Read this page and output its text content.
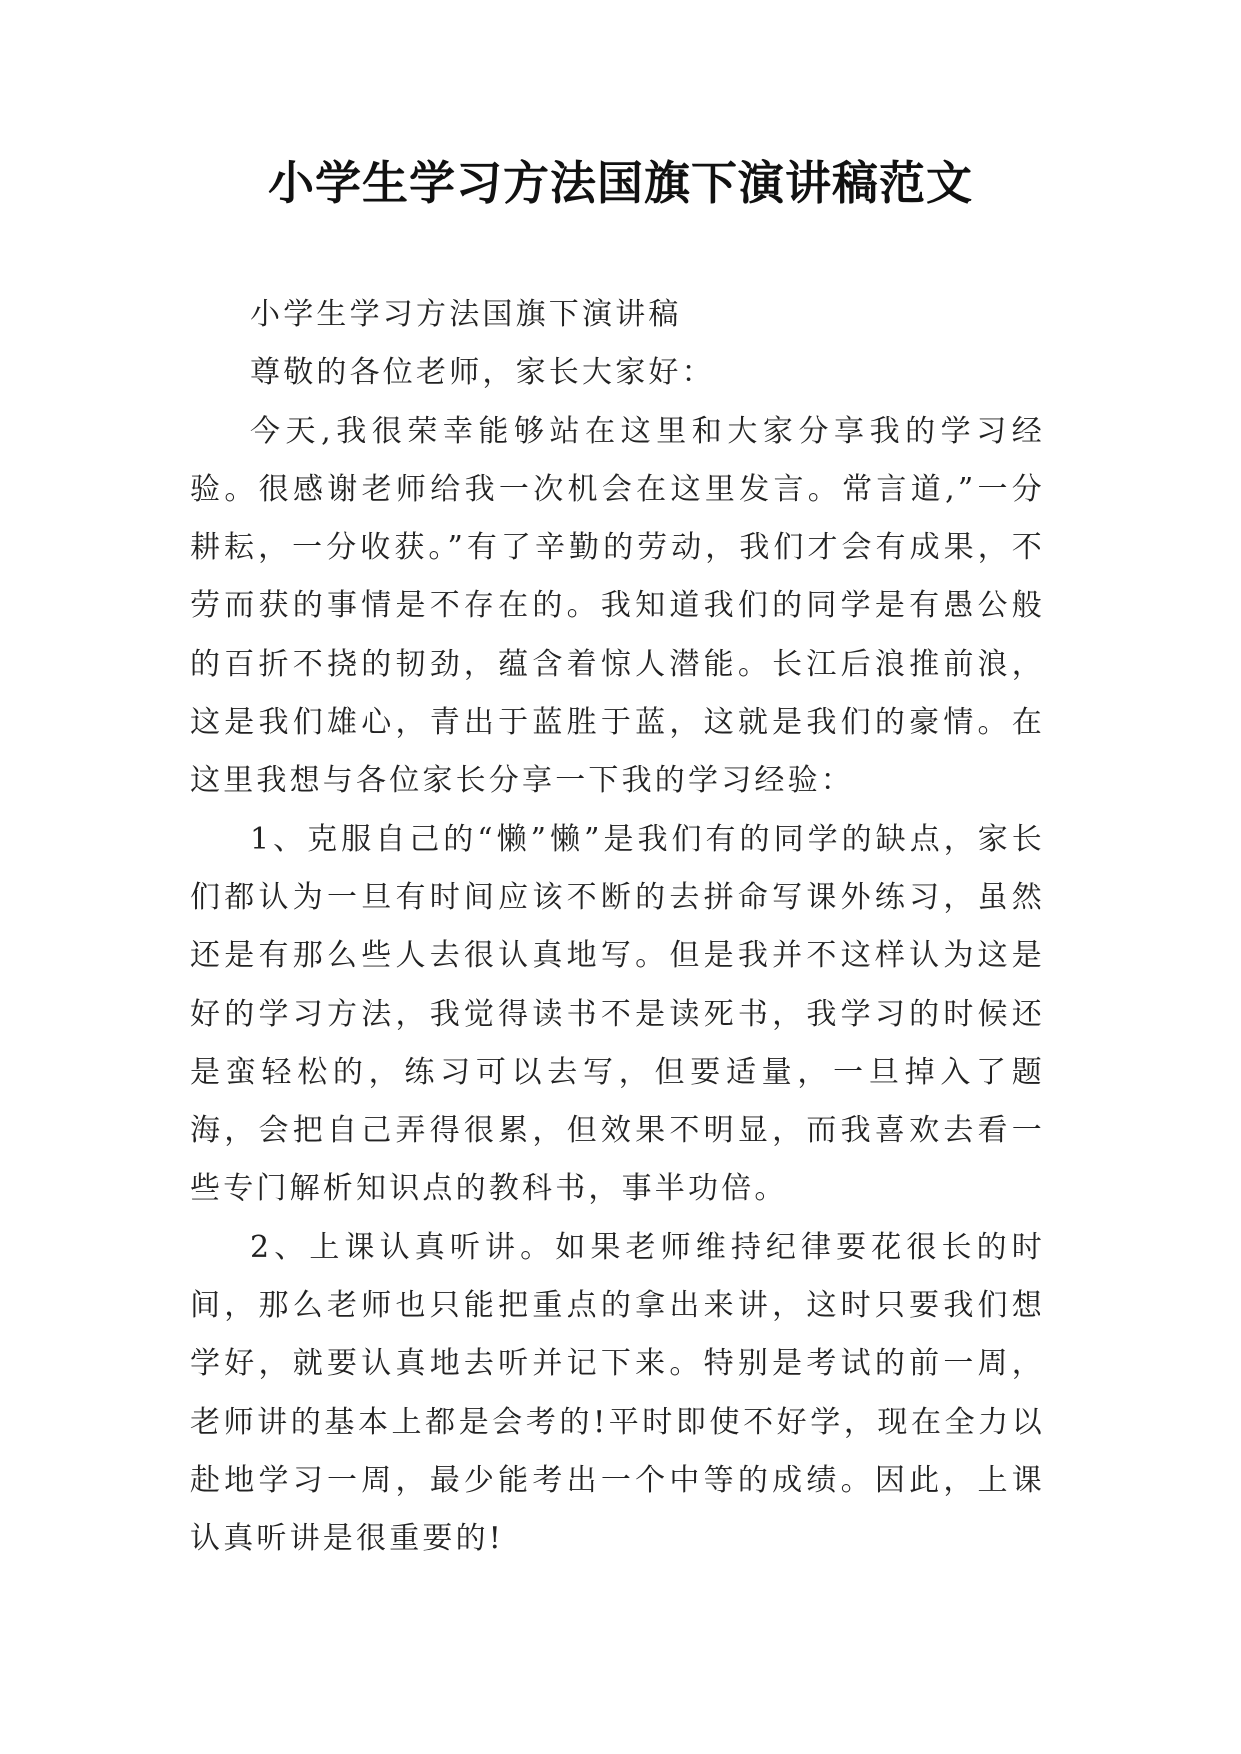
小学生学习方法国旗下演讲稿范文

小学生学习方法国旗下演讲稿

尊敬的各位老师，家长大家好：

今天,我很荣幸能够站在这里和大家分享我的学习经验。很感谢老师给我一次机会在这里发言。常言道,”一分耕耘，一分收获。”有了辛勤的劳动，我们才会有成果，不劳而获的事情是不存在的。我知道我们的同学是有愚公般的百折不挠的韧劲，蕴含着惊人潜能。长江后浪推前浪，这是我们雄心，青出于蓝胜于蓝，这就是我们的豪情。在这里我想与各位家长分享一下我的学习经验：

1、克服自己的“懒”懒”是我们有的同学的缺点，家长们都认为一旦有时间应该不断的去拼命写课外练习，虽然还是有那么些人去很认真地写。但是我并不这样认为这是好的学习方法，我觉得读书不是读死书，我学习的时候还是蛮轻松的，练习可以去写，但要适量，一旦掉入了题海，会把自己弄得很累，但效果不明显，而我喜欢去看一些专门解析知识点的教科书，事半功倍。

2、上课认真听讲。如果老师维持纪律要花很长的时间，那么老师也只能把重点的拿出来讲，这时只要我们想学好，就要认真地去听并记下来。特别是考试的前一周，老师讲的基本上都是会考的!平时即使不好学，现在全力以赴地学习一周，最少能考出一个中等的成绩。因此，上课认真听讲是很重要的!
